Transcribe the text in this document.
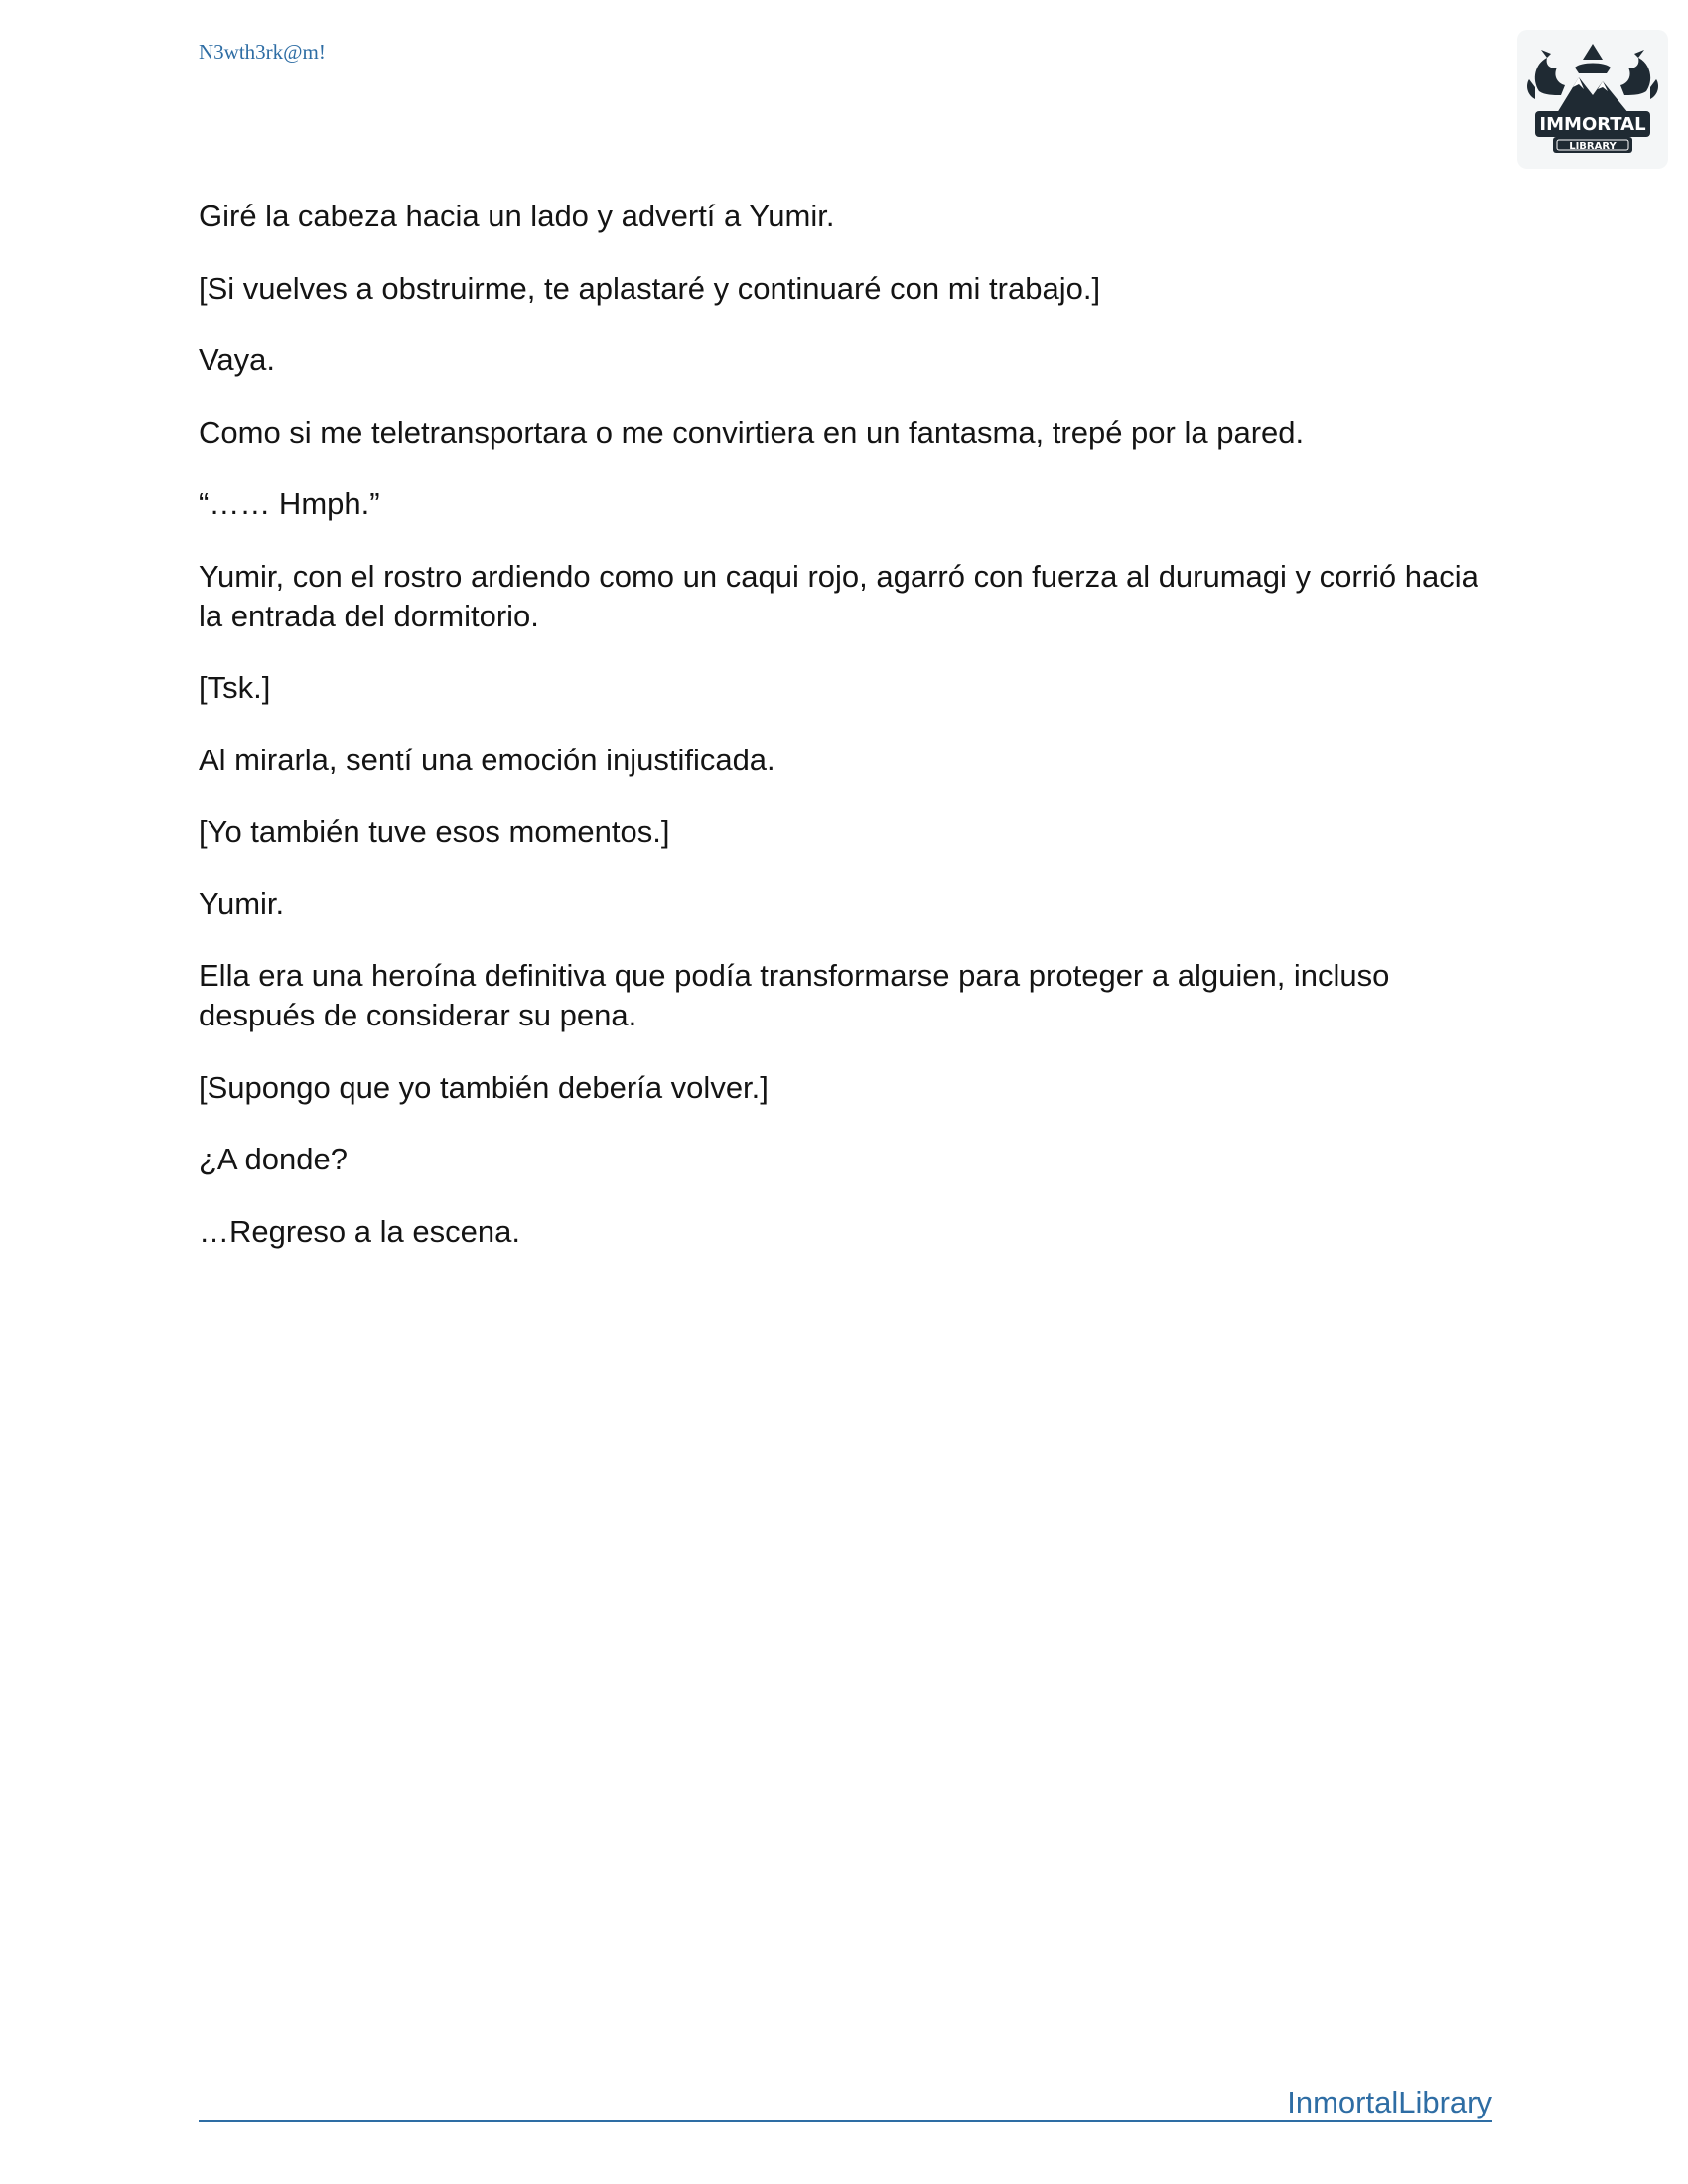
N3wth3rk@m!

IMMORTAL
LIBRARY

Giré la cabeza hacia un lado y advertí a Yumir.

[Si vuelves a obstruirme, te aplastaré y continuaré con mi trabajo.]

Vaya.

Como si me teletransportara o me convirtiera en un fantasma, trepé por la pared.

“…… Hmph.”

Yumir, con el rostro ardiendo como un caqui rojo, agarró con fuerza al durumagi y corrió hacia la entrada del dormitorio.

[Tsk.]

Al mirarla, sentí una emoción injustificada.

[Yo también tuve esos momentos.]

Yumir.

Ella era una heroína definitiva que podía transformarse para proteger a alguien, incluso después de considerar su pena.

[Supongo que yo también debería volver.]

¿A donde?

…Regreso a la escena.

InmortalLibrary
